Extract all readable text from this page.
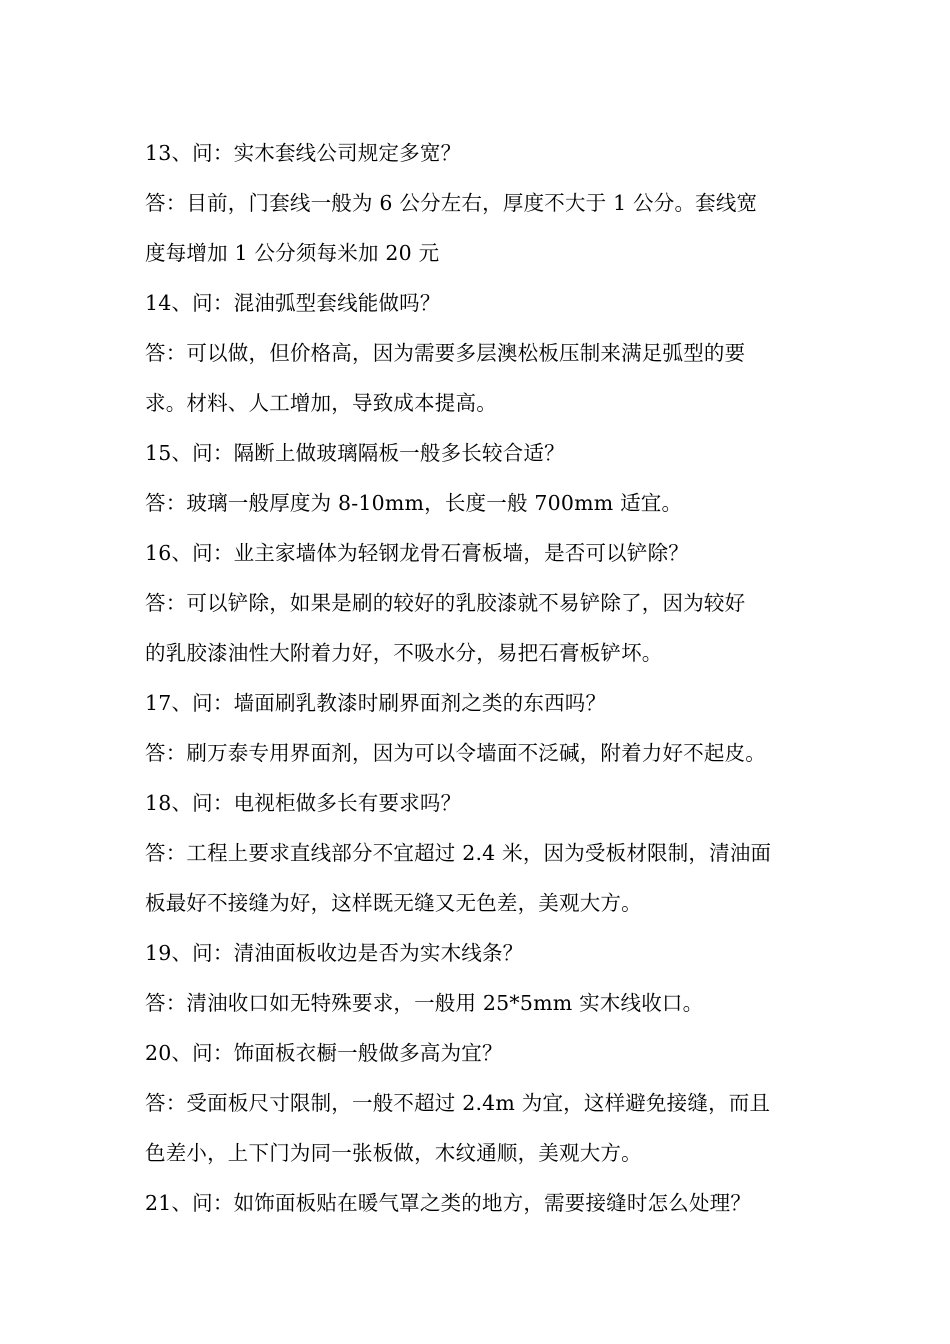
13、问：实木套线公司规定多宽？
答：目前，门套线一般为 6 公分左右，厚度不大于 1 公分。套线宽
度每增加 1 公分须每米加 20 元
14、问：混油弧型套线能做吗？
答：可以做，但价格高，因为需要多层澳松板压制来满足弧型的要
求。材料、人工增加，导致成本提高。
15、问：隔断上做玻璃隔板一般多长较合适？
答：玻璃一般厚度为 8-10mm，长度一般 700mm 适宜。
16、问：业主家墙体为轻钢龙骨石膏板墙，是否可以铲除？
答：可以铲除，如果是刷的较好的乳胶漆就不易铲除了，因为较好
的乳胶漆油性大附着力好，不吸水分，易把石膏板铲坏。
17、问：墙面刷乳教漆时刷界面剂之类的东西吗？
答：刷万泰专用界面剂，因为可以令墙面不泛碱，附着力好不起皮。
18、问：电视柜做多长有要求吗？
答：工程上要求直线部分不宜超过 2.4 米，因为受板材限制，清油面
板最好不接缝为好，这样既无缝又无色差，美观大方。
19、问：清油面板收边是否为实木线条？
答：清油收口如无特殊要求，一般用 25*5mm 实木线收口。
20、问：饰面板衣橱一般做多高为宜？
答：受面板尺寸限制，一般不超过 2.4m 为宜，这样避免接缝，而且
色差小，上下门为同一张板做，木纹通顺，美观大方。
21、问：如饰面板贴在暖气罩之类的地方，需要接缝时怎么处理？
